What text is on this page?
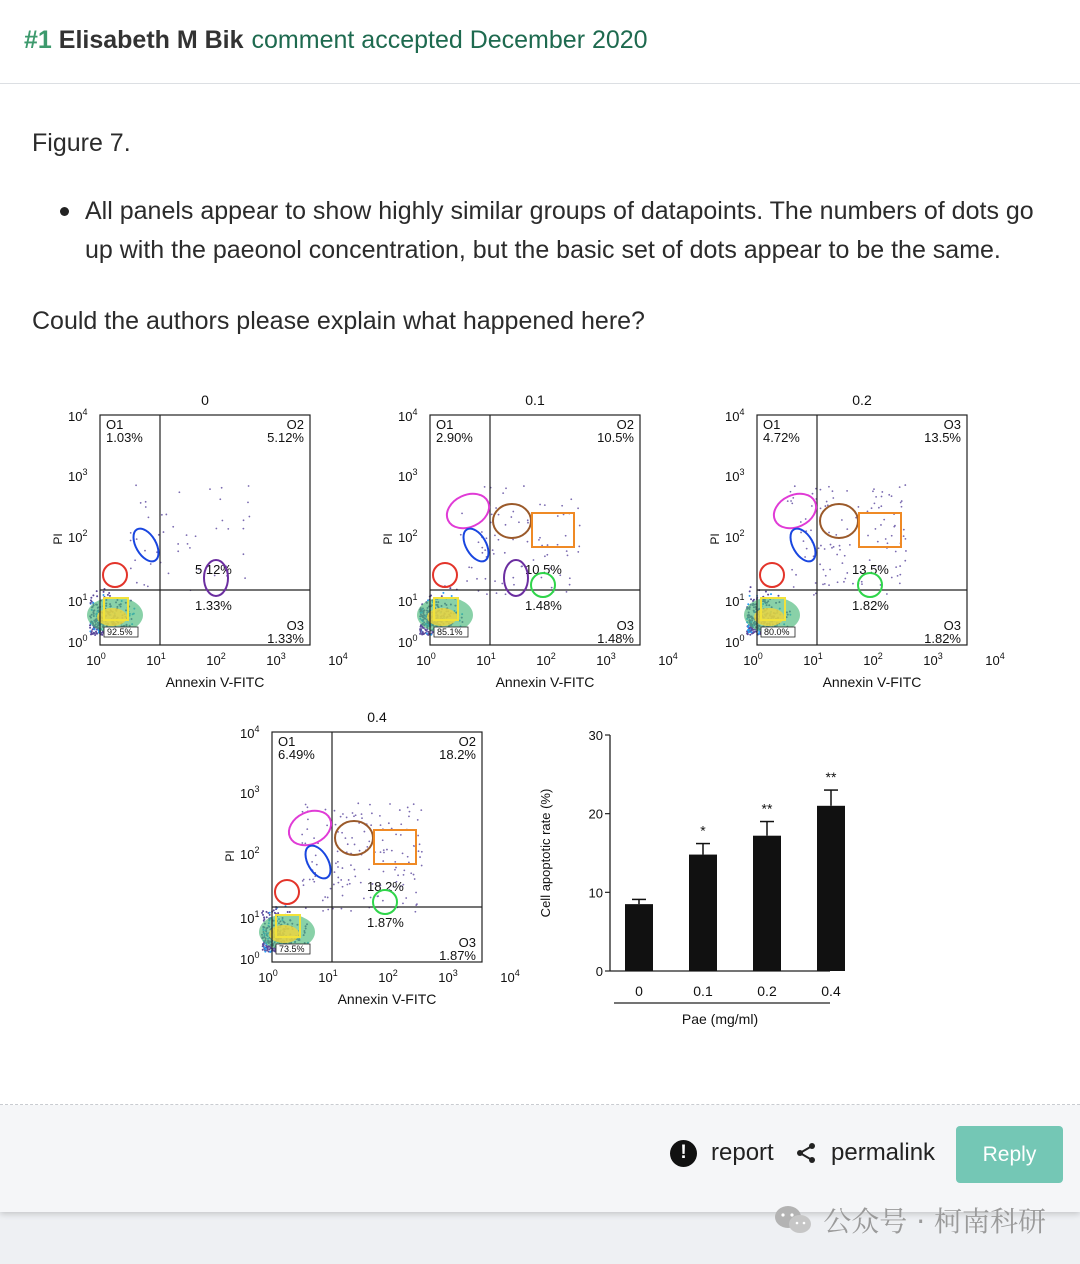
#1 Elisabeth M Bik comment accepted December 2020
Figure 7.
All panels appear to show highly similar groups of datapoints. The numbers of dots go up with the paeonol concentration, but the basic set of dots appear to be the same.
Could the authors please explain what happened here?
0
O1
1.03%
O2
5.12%
O3
1.33%
5.12%
1.33%
92.5%
$10^0$
$10^1$
$10^2$
$10^3$
$10^4$
PI
$10^0$	$10^1$	$10^2$	$10^3$	$10^4$
Annexin V-FITC
0.1
O1
2.90%
O2
10.5%
O3
1.48%
10.5%
1.48%
85.1%
$10^0$
$10^1$
$10^2$
$10^3$
$10^4$
PI
$10^0$	$10^1$	$10^2$	$10^3$	$10^4$
Annexin V-FITC
0.2
O1
4.72%
O3
13.5%
O3
1.82%
13.5%
1.82%
80.0%
$10^0$
$10^1$
$10^2$
$10^3$
$10^4$
PI
$10^0$	$10^1$	$10^2$	$10^3$	$10^4$
Annexin V-FITC
0.4
O1
6.49%
O2
18.2%
O3
1.87%
18.2%
1.87%
73.5%
$10^0$
$10^1$
$10^2$
$10^3$
$10^4$
PI
$10^0$	$10^1$	$10^2$	$10^3$	$10^4$
Annexin V-FITC
0
10
20
30
Cell apoptotic rate (%)
0
*
0.1
**
0.2
**
0.4
Pae (mg/ml)
!	report permalink	Reply
公众号 · 柯南科研
